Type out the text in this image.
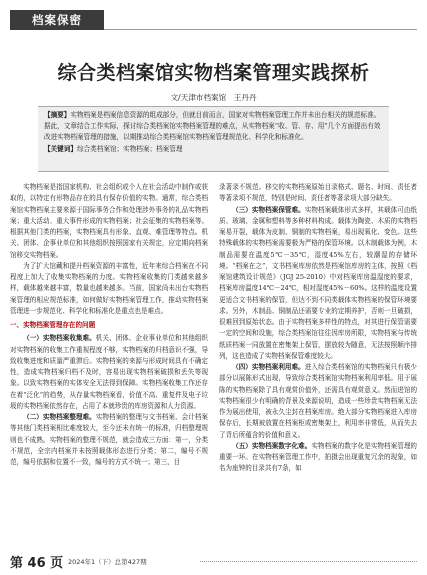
档案保密
综合类档案馆实物档案管理实践探析
文/天津市档案馆　王丹丹

【摘要】实物档案是档案信息资源的组成部分，但就目前而言，国家对实物档案管理工作并未出台相关的规范标准。据此，文章结合工作实际，探讨综合类档案馆实物档案管理的难点，从实物档案“收、管、存、用”几个方面提出有效改进实物档案管理的措施，以期推动综合类档案馆实物档案管理规范化、科学化和标准化。

【关键词】综合类档案馆；实物档案；档案管理

实物档案是指国家机构、社会组织或个人在社会活动中制作或获取的，以特定有形物品存在的具有保存价值的实物。通常，综合类档案馆实物档案主要来源于国际事务合作和处理涉外事务的礼品实物档案；重大活动、重大事件形成的实物档案；社会征集的实物档案等。根据其他门类的档案，实物档案具有形象、直观、难管理等特点。机关、团体、企事业单位和其他组织按照国家有关规定，应定期向档案馆移交实物档案。

为了扩大馆藏和提升档案资源的丰富性，近年来综合档案在不同程度上加大了收集实物档案的力度。实物档案收集的门类越来越多样，载体越来越丰富，数量也越来越多。当前，国家尚未出台实物档案管理的相应规范标准，如何做好实物档案管理工作，推动实物档案管理进一步规范化、科学化和标准化是重点也是难点。

一、实物档案管理存在的问题

（一）实物档案收集难。机关、团体、企业事业单位和其他组织对实物档案的收集工作重视程度不够，实物档案的归档意识不强，导致收集进度和质量严重滞后。实物档案的来源与形成时间具有不确定性，造成实物档案归档不及时，容易出现实物档案破损和丢失等现象。以致实物档案的实体安全无法得到保障。实物档案收集工作还存在着“泛化”的趋势，从存量实物档案看，价值不高、重复件及电子垃圾的实物档案依然存在，占用了本就珍贵的库房资源和人力资源。

（二）实物档案整理难。实物档案的整理与文书档案、会计档案等其他门类档案相比难度较大，至今还未有统一的标准，归档整理规则也不成熟。实物档案的整理不规范，就会造成三方面：第一，分类不规范，全宗内档案并未按照载体形态进行分类；第二，编号不规范，编号依据和位置不一致，编号的方式不统一；第三，目

录著录不规范。移交的实物档案原始目录格式、题名、时间、责任者等著录项不规范，特别是时间、责任者等著录项大部分缺失。

（三）实物档案保管难。实物档案载体形式多样，其载体可由纸质、玻璃、金属和塑料等多种材料构成。载体为陶瓷、木质的实物档案易开裂，载体为皮制、铜制的实物档案，易出现氧化、变色。这些特殊载体的实物档案需要极为严格的保管环境。以木制载体为例，木制品需要在温度5℃－35℃，湿度45%左右，较潮湿的存储环境。“档案在之”，文书档案库房依然是档案馆库房的主体，按照《档案馆建筑设计规范》（JGJ 25-2010）中对档案库房温湿度的要求，档案库房温度14℃－24℃，相对湿度45%－60%。这样的温度设置更适合文书档案的保管，但达不到不同类载体实物档案的保管环境要求。另外，木制品、铜制品还需要专业的定期养护，否则一旦破损，很难回到原始状态。由于实物档案多样性的特点，对其进行保管需要一定的空间和设施，综合类档案馆往往因库房所限，实物档案与传统纸质档案一同放置在密集架上保管，摆放较为随意，无法按照顺序排列，这也造成了实物档案保管难度较大。

（四）实物档案利用难。进入综合类档案馆的实物档案只有极少部分以展陈形式出现，导致综合类档案馆实物档案利用率低。用于展陈的实物档案除了具有观赏价值外，还需具有观赏意义。然而进馆的实物档案很少有明确的背景及来源说明，造成一些珍贵实物档案无法作为展出使用，被永久尘封在档案库房。绝大部分实物档案进入库房保存后，长期被放置在档案柜或密集架上，利用率非常低，从而失去了背后所蕴含的价值和意义。

（五）实物档案数字化难。实物档案的数字化是实物档案管理的重要一环。在实物档案管理工作中，拍摄会出现重复冗余的现象，如名为座钟的目录共有7条，如

第 46 页 2024年1（下）总第427期
